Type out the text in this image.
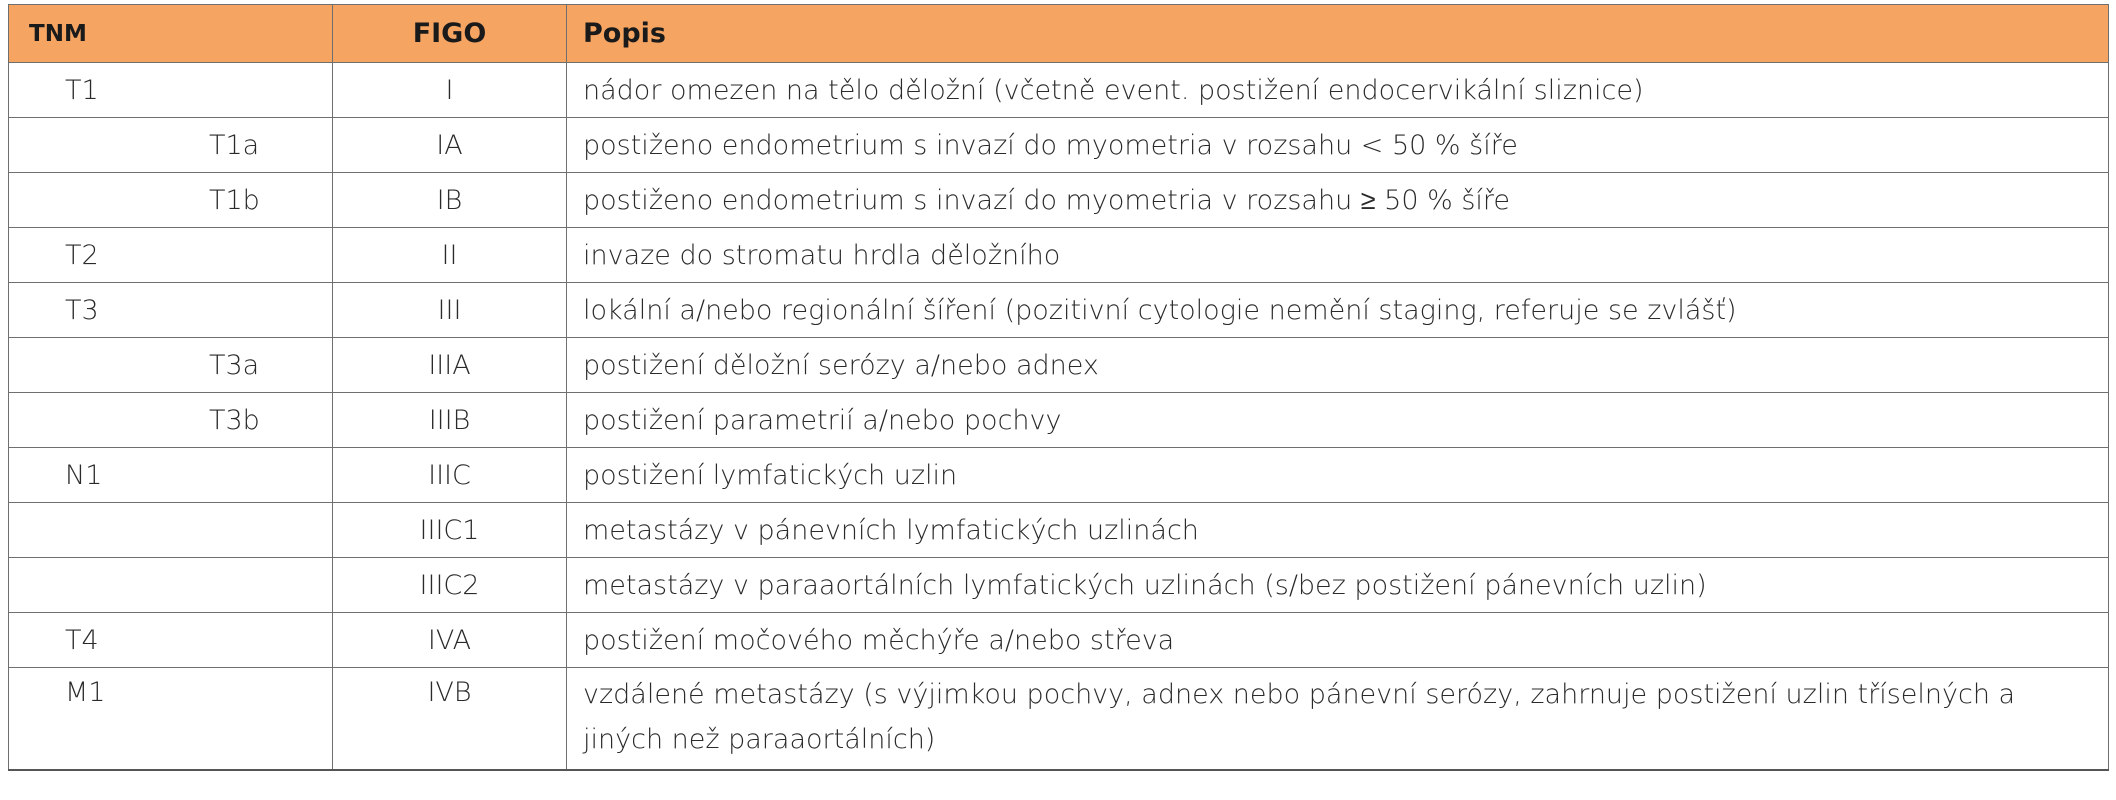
TNM	FIGO	Popis
T1	I	nádor omezen na tělo děložní (včetně event. postižení endocervikální sliznice)
T1a	IA	postiženo endometrium s invazí do myometria v rozsahu < 50 % šíře
T1b	IB	postiženo endometrium s invazí do myometria v rozsahu ≥ 50 % šíře
T2	II	invaze do stromatu hrdla děložního
T3	III	lokální a/nebo regionální šíření (pozitivní cytologie nemění staging, referuje se zvlášť)
T3a	IIIA	postižení děložní serózy a/nebo adnex
T3b	IIIB	postižení parametrií a/nebo pochvy
N1	IIIC	postižení lymfatických uzlin
	IIIC1	metastázy v pánevních lymfatických uzlinách
	IIIC2	metastázy v paraaortálních lymfatických uzlinách (s/bez postižení pánevních uzlin)
T4	IVA	postižení močového měchýře a/nebo střeva
M1	IVB	vzdálené metastázy (s výjimkou pochvy, adnex nebo pánevní serózy, zahrnuje postižení uzlin tříselných a jiných než paraaortálních)
